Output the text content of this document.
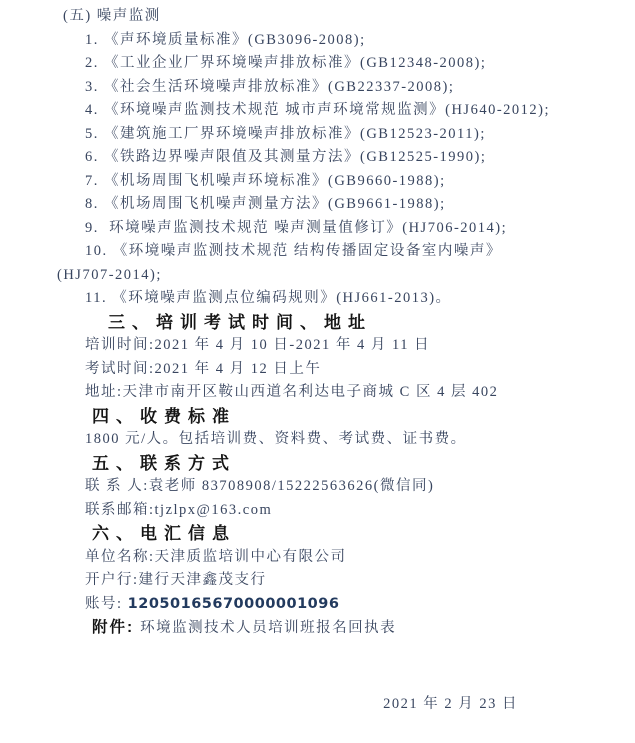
(五) 噪声监测
1. 《声环境质量标准》(GB3096-2008);
2. 《工业企业厂界环境噪声排放标准》(GB12348-2008);
3. 《社会生活环境噪声排放标准》(GB22337-2008);
4. 《环境噪声监测技术规范 城市声环境常规监测》(HJ640-2012);
5. 《建筑施工厂界环境噪声排放标准》(GB12523-2011);
6. 《铁路边界噪声限值及其测量方法》(GB12525-1990);
7. 《机场周围飞机噪声环境标准》(GB9660-1988);
8. 《机场周围飞机噪声测量方法》(GB9661-1988);
9.  环境噪声监测技术规范 噪声测量值修订》(HJ706-2014);
10. 《环境噪声监测技术规范 结构传播固定设备室内噪声》
(HJ707-2014);
11. 《环境噪声监测点位编码规则》(HJ661-2013)。
三、培训考试时间、地址
培训时间:2021 年 4 月 10 日-2021 年 4 月 11 日
考试时间:2021 年 4 月 12 日上午
地址:天津市南开区鞍山西道名利达电子商城 C 区 4 层 402
四、收费标准
1800 元/人。包括培训费、资料费、考试费、证书费。
五、联系方式
联 系 人:袁老师 83708908/15222563626(微信同)
联系邮箱:tjzlpx@163.com
六、电汇信息
单位名称:天津质监培训中心有限公司
开户行:建行天津鑫茂支行
账号: 12050165670000001096
附件: 环境监测技术人员培训班报名回执表
2021 年 2 月 23 日
